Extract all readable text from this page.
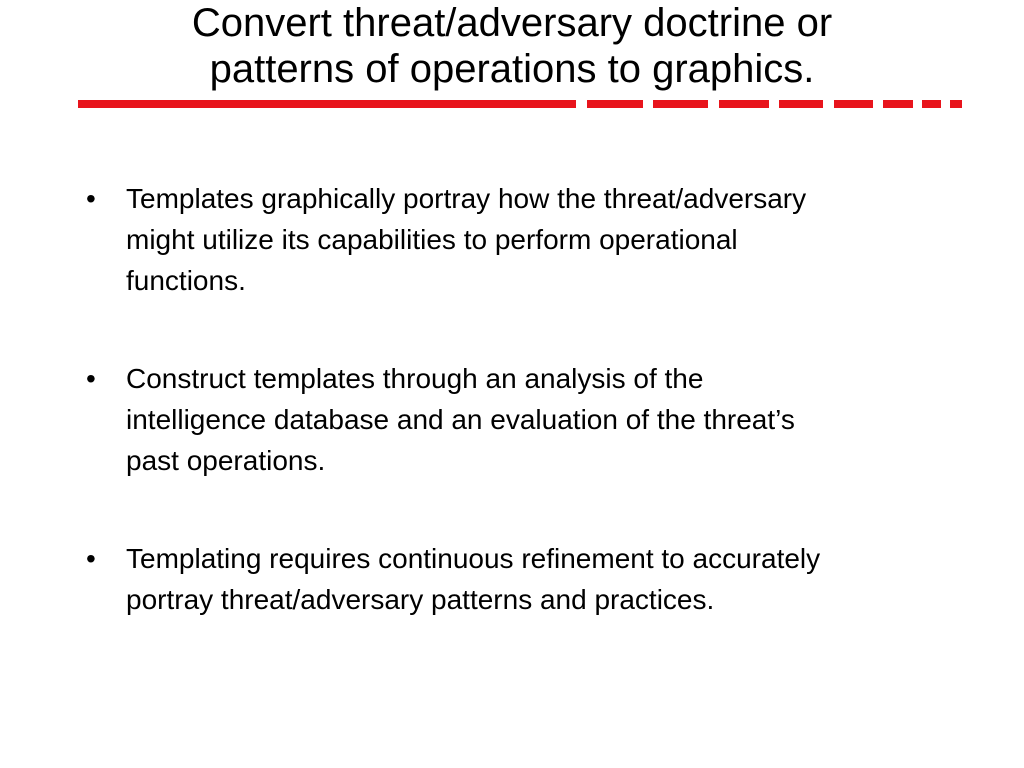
Convert threat/adversary doctrine or
patterns of operations to graphics.
•	Templates graphically portray how the threat/adversary
might utilize its capabilities to perform operational
functions.
•	Construct templates through an analysis of the
intelligence database and an evaluation of the threat’s
past operations.
•	Templating requires continuous refinement to accurately
portray threat/adversary patterns and practices.
